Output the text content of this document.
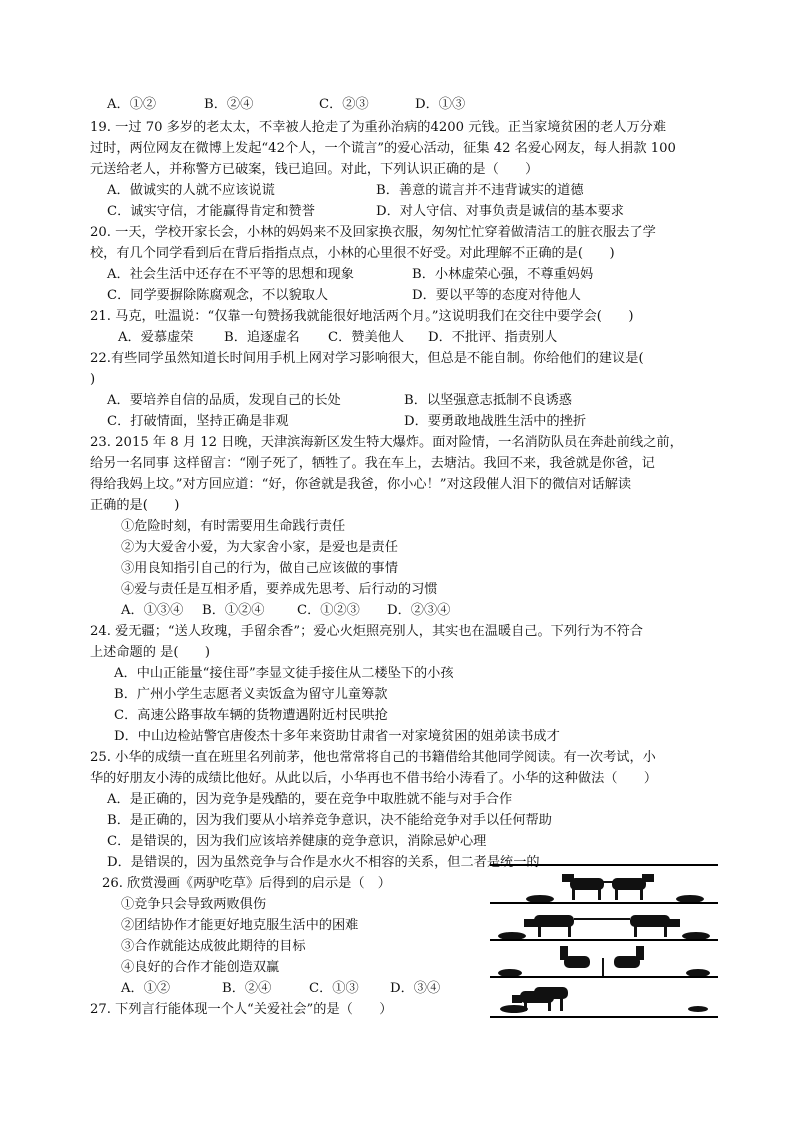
A．①②	B．②④	C．②③	D．①③
19. 一过 70 多岁的老太太，不幸被人抢走了为重孙治病的4200 元钱。正当家境贫困的老人万分难
过时，两位网友在微博上发起“42个人，一个谎言”的爱心活动，征集 42 名爱心网友，每人捐款 100
元送给老人，并称警方已破案，钱已追回。对此，下列认识正确的是（　　）
A．做诚实的人就不应该说谎	B．善意的谎言并不违背诚实的道德
C．诚实守信，才能赢得肯定和赞誉	D．对人守信、对事负责是诚信的基本要求
20. 一天，学校开家长会，小林的妈妈来不及回家换衣服，匆匆忙忙穿着做清洁工的脏衣服去了学
校，有几个同学看到后在背后指指点点，小林的心里很不好受。对此理解不正确的是(　　)
A．社会生活中还存在不平等的思想和现象	B．小林虚荣心强，不尊重妈妈
C．同学要摒除陈腐观念，不以貌取人	D．要以平等的态度对待他人
21. 马克，吐温说：“仅靠一句赞扬我就能很好地活两个月。”这说明我们在交往中要学会(　　)
A．爱慕虚荣 B．追逐虚名 C．赞美他人 D．不批评、指责别人
22.有些同学虽然知道长时间用手机上网对学习影响很大，但总是不能自制。你给他们的建议是(
)
A．要培养自信的品质，发现自己的长处	B．以坚强意志抵制不良诱惑
C．打破情面，坚持正确是非观	D．要勇敢地战胜生活中的挫折
23. 2015 年 8 月 12 日晚，天津滨海新区发生特大爆炸。面对险情，一名消防队员在奔赴前线之前，
给另一名同事 这样留言：“刚子死了，牺牲了。我在车上，去塘沽。我回不来，我爸就是你爸，记
得给我妈上坟。”对方回应道：“好，你爸就是我爸，你小心！”对这段催人泪下的微信对话解读
正确的是(　　)
①危险时刻，有时需要用生命践行责任
②为大爱舍小爱，为大家舍小家，是爱也是责任
③用良知指引自己的行为，做自己应该做的事情
④爱与责任是互相矛盾，要养成先思考、后行动的习惯
A．①③④ B．①②④ C．①②③ D．②③④
24. 爱无疆；“送人玫瑰，手留余香”；爱心火炬照亮别人，其实也在温暖自己。下列行为不符合
上述命题的 是(　　)
A．中山正能量“接住哥”李显文徒手接住从二楼坠下的小孩
B．广州小学生志愿者义卖饭盒为留守儿童筹款
C．高速公路事故车辆的货物遭遇附近村民哄抢
D．中山边检站警官唐俊杰十多年来资助甘肃省一对家境贫困的姐弟读书成才
25. 小华的成绩一直在班里名列前茅，他也常常将自己的书籍借给其他同学阅读。有一次考试，小
华的好朋友小涛的成绩比他好。从此以后，小华再也不借书给小涛看了。小华的这种做法（　　）
A．是正确的，因为竞争是残酷的，要在竞争中取胜就不能与对手合作
B．是正确的，因为我们要从小培养竞争意识，决不能给竞争对手以任何帮助
C．是错误的，因为我们应该培养健康的竞争意识，消除忌妒心理
D．是错误的，因为虽然竞争与合作是水火不相容的关系，但二者是统一的
26. 欣赏漫画《两驴吃草》后得到的启示是（　）
①竞争只会导致两败俱伤
②团结协作才能更好地克服生活中的困难
③合作就能达成彼此期待的目标
④良好的合作才能创造双赢
A．①②	B．②④	C．①③ D．③④
27. 下列言行能体现一个人“关爱社会”的是（　　）
